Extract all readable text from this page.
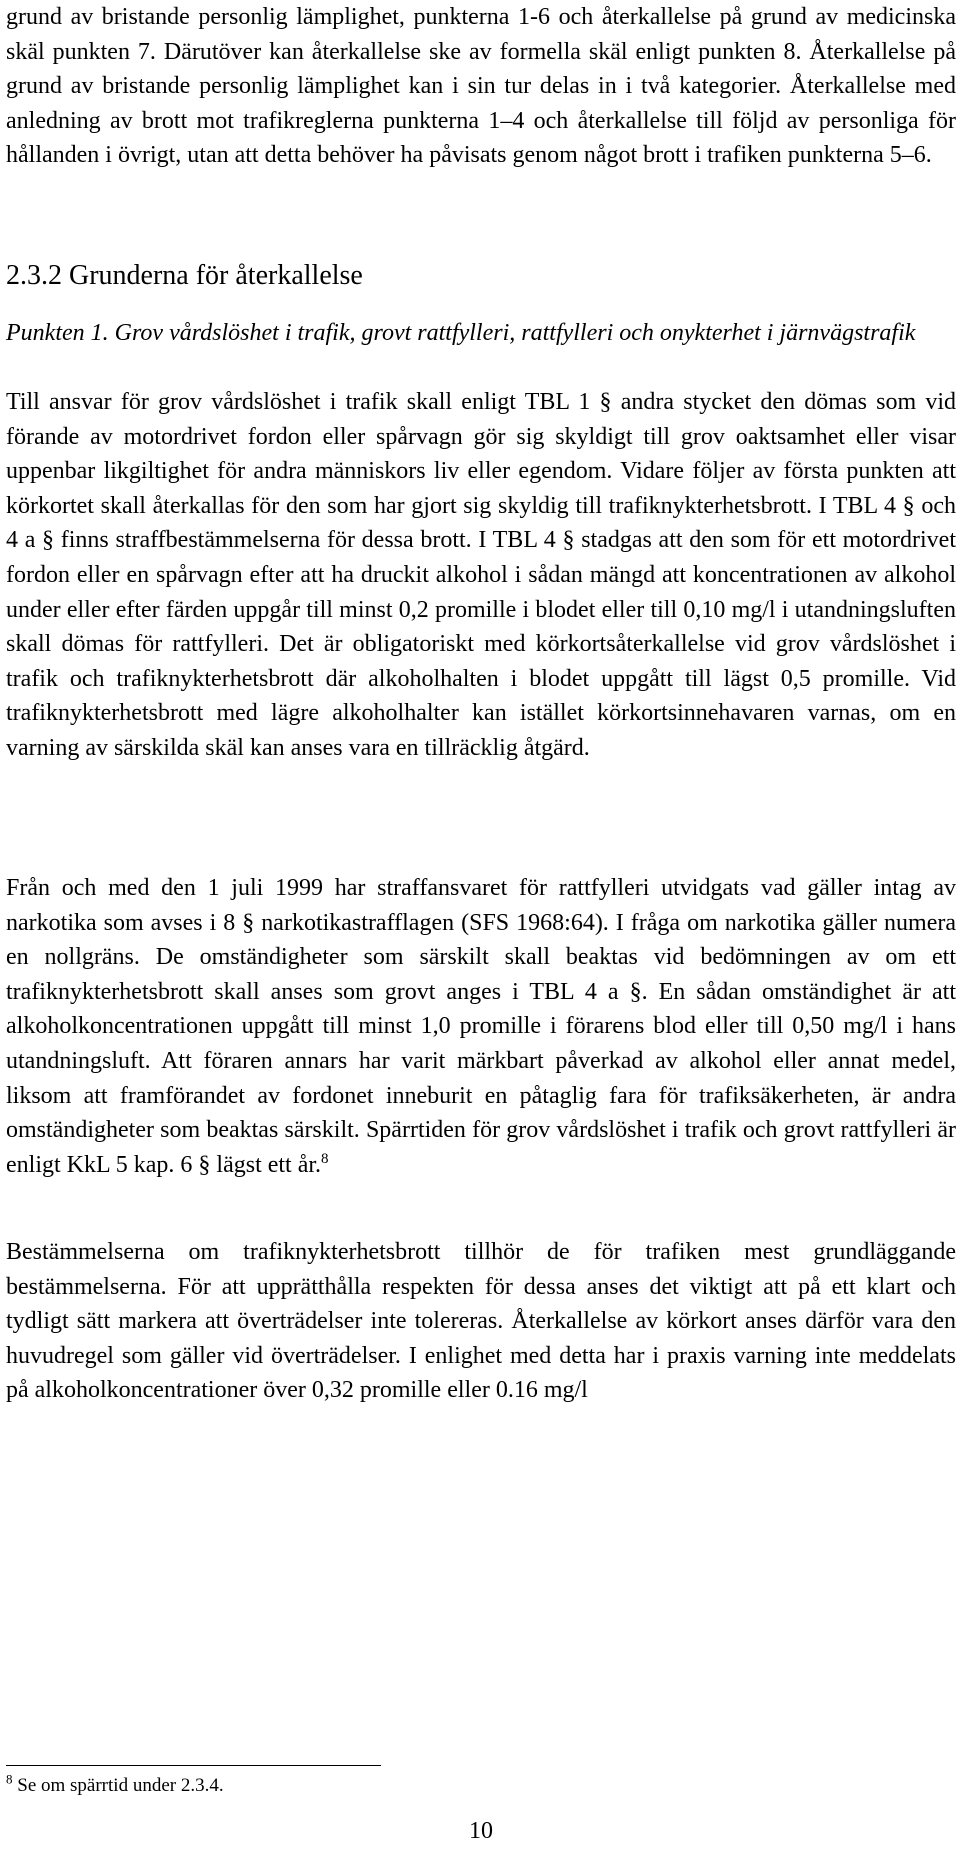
grund av bristande personlig lämplighet, punkterna 1-6 och återkallelse på grund av medicinska skäl punkten 7. Därutöver kan återkallelse ske av formella skäl enligt punkten 8. Återkallelse på grund av bristande personlig lämplighet kan i sin tur delas in i två kategorier. Återkallelse med anledning av brott mot trafikreglerna punkterna 1–4 och återkallelse till följd av personliga för hållanden i övrigt, utan att detta behöver ha påvisats genom något brott i trafiken punkterna 5–6.

2.3.2 Grunderna för återkallelse

Punkten 1. Grov vårdslöshet i trafik, grovt rattfylleri, rattfylleri och onykterhet i järnvägstrafik

Till ansvar för grov vårdslöshet i trafik skall enligt TBL 1 § andra stycket den dömas som vid förande av motordrivet fordon eller spårvagn gör sig skyldigt till grov oaktsamhet eller visar uppenbar likgiltighet för andra människors liv eller egendom. Vidare följer av första punkten att körkortet skall återkallas för den som har gjort sig skyldig till trafiknykterhetsbrott. I TBL 4 § och 4 a § finns straffbestämmelserna för dessa brott. I TBL 4 § stadgas att den som för ett motordrivet fordon eller en spårvagn efter att ha druckit alkohol i sådan mängd att koncentrationen av alkohol under eller efter färden uppgår till minst 0,2 promille i blodet eller till 0,10 mg/l i utandningsluften skall dömas för rattfylleri. Det är obligatoriskt med körkortsåterkallelse vid grov vårdslöshet i trafik och trafiknykterhetsbrott där alkoholhalten i blodet uppgått till lägst 0,5 promille. Vid trafiknykterhetsbrott med lägre alkoholhalter kan istället körkortsinnehavaren varnas, om en varning av särskilda skäl kan anses vara en tillräcklig åtgärd.

Från och med den 1 juli 1999 har straffansvaret för rattfylleri utvidgats vad gäller intag av narkotika som avses i 8 § narkotikastrafflagen (SFS 1968:64). I fråga om narkotika gäller numera en nollgräns. De omständigheter som särskilt skall beaktas vid bedömningen av om ett trafiknykterhetsbrott skall anses som grovt anges i TBL 4 a §. En sådan omständighet är att alkoholkoncentrationen uppgått till minst 1,0 promille i förarens blod eller till 0,50 mg/l i hans utandningsluft. Att föraren annars har varit märkbart påverkad av alkohol eller annat medel, liksom att framförandet av fordonet inneburit en påtaglig fara för trafiksäkerheten, är andra omständigheter som beaktas särskilt. Spärrtiden för grov vårdslöshet i trafik och grovt rattfylleri är enligt KkL 5 kap. 6 § lägst ett år.$^8$

Bestämmelserna om trafiknykterhetsbrott tillhör de för trafiken mest grundläggande bestämmelserna. För att upprätthålla respekten för dessa anses det viktigt att på ett klart och tydligt sätt markera att överträdelser inte tolereras. Återkallelse av körkort anses därför vara den huvudregel som gäller vid överträdelser. I enlighet med detta har i praxis varning inte meddelats på alkoholkoncentrationer över 0,32 promille eller 0.16 mg/l

$^8$ Se om spärrtid under 2.3.4.
10
